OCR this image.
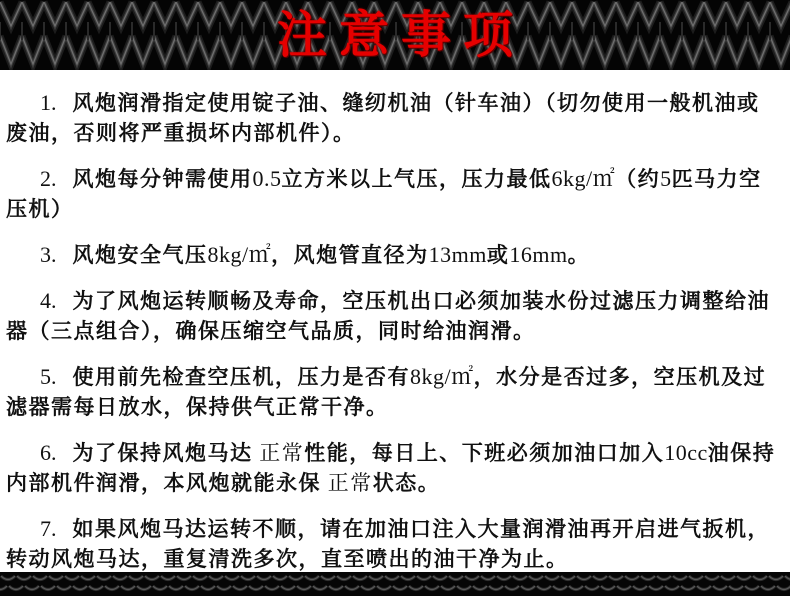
注意事项

1. 风炮润滑指定使用锭子油、缝纫机油（针车油）（切勿使用一般机油或废油，否则将严重损坏内部机件）。

2. 风炮每分钟需使用0.5立方米以上气压，压力最低6kg/㎡（约5匹马力空压机）

3. 风炮安全气压8kg/㎡，风炮管直径为13mm或16mm。

4. 为了风炮运转顺畅及寿命，空压机出口必须加装水份过滤压力调整给油器（三点组合），确保压缩空气品质，同时给油润滑。

5. 使用前先检查空压机，压力是否有8kg/㎡，水分是否过多，空压机及过滤器需每日放水，保持供气正常干净。

6. 为了保持风炮马达 正常性能，每日上、下班必须加油口加入10cc油保持内部机件润滑，本风炮就能永保 正常状态。

7. 如果风炮马达运转不顺，请在加油口注入大量润滑油再开启进气扳机，转动风炮马达，重复清洗多次，直至喷出的油干净为止。
